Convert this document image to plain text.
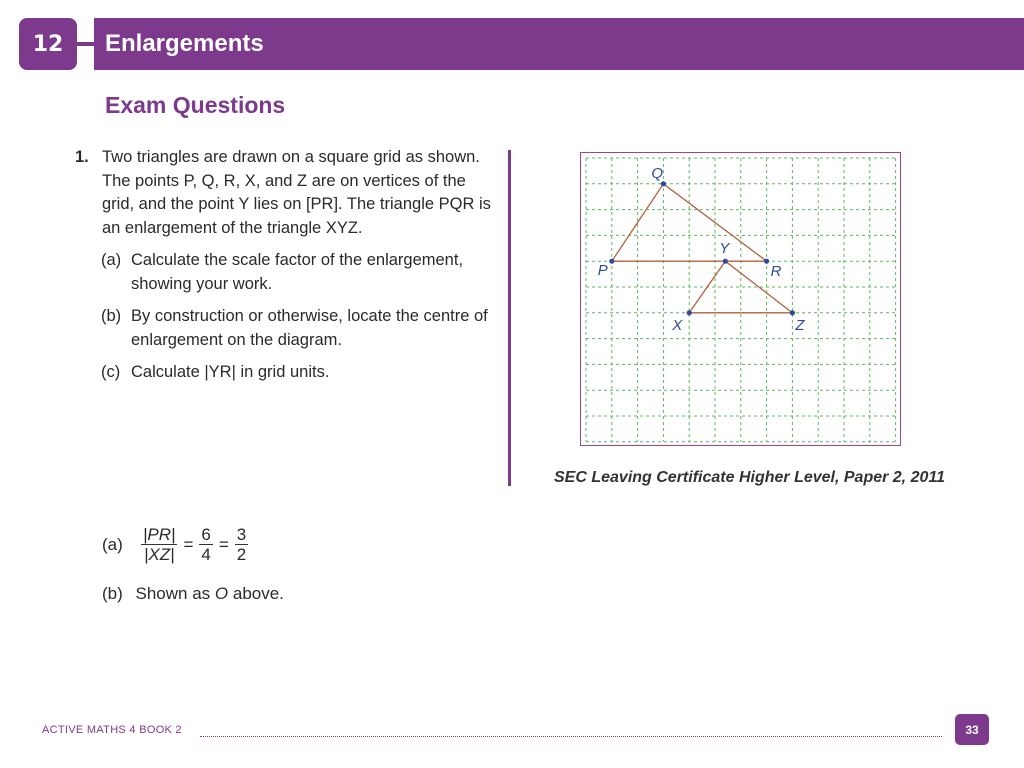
12	Enlargements
Exam Questions
1. Two triangles are drawn on a square grid as shown. The points P, Q, R, X, and Z are on vertices of the grid, and the point Y lies on [PR]. The triangle PQR is an enlargement of the triangle XYZ.
(a) Calculate the scale factor of the enlargement, showing your work.
(b) By construction or otherwise, locate the centre of enlargement on the diagram.
(c) Calculate |YR| in grid units.
P
Q
R
Y
X	Z
SEC Leaving Certificate Higher Level, Paper 2, 2011
(a)	$\frac{|PR|}{|XZ|} = \frac{6}{4} = \frac{3}{2}$
(b) Shown as O above.
ACTIVE MATHS 4 BOOK 2	33
